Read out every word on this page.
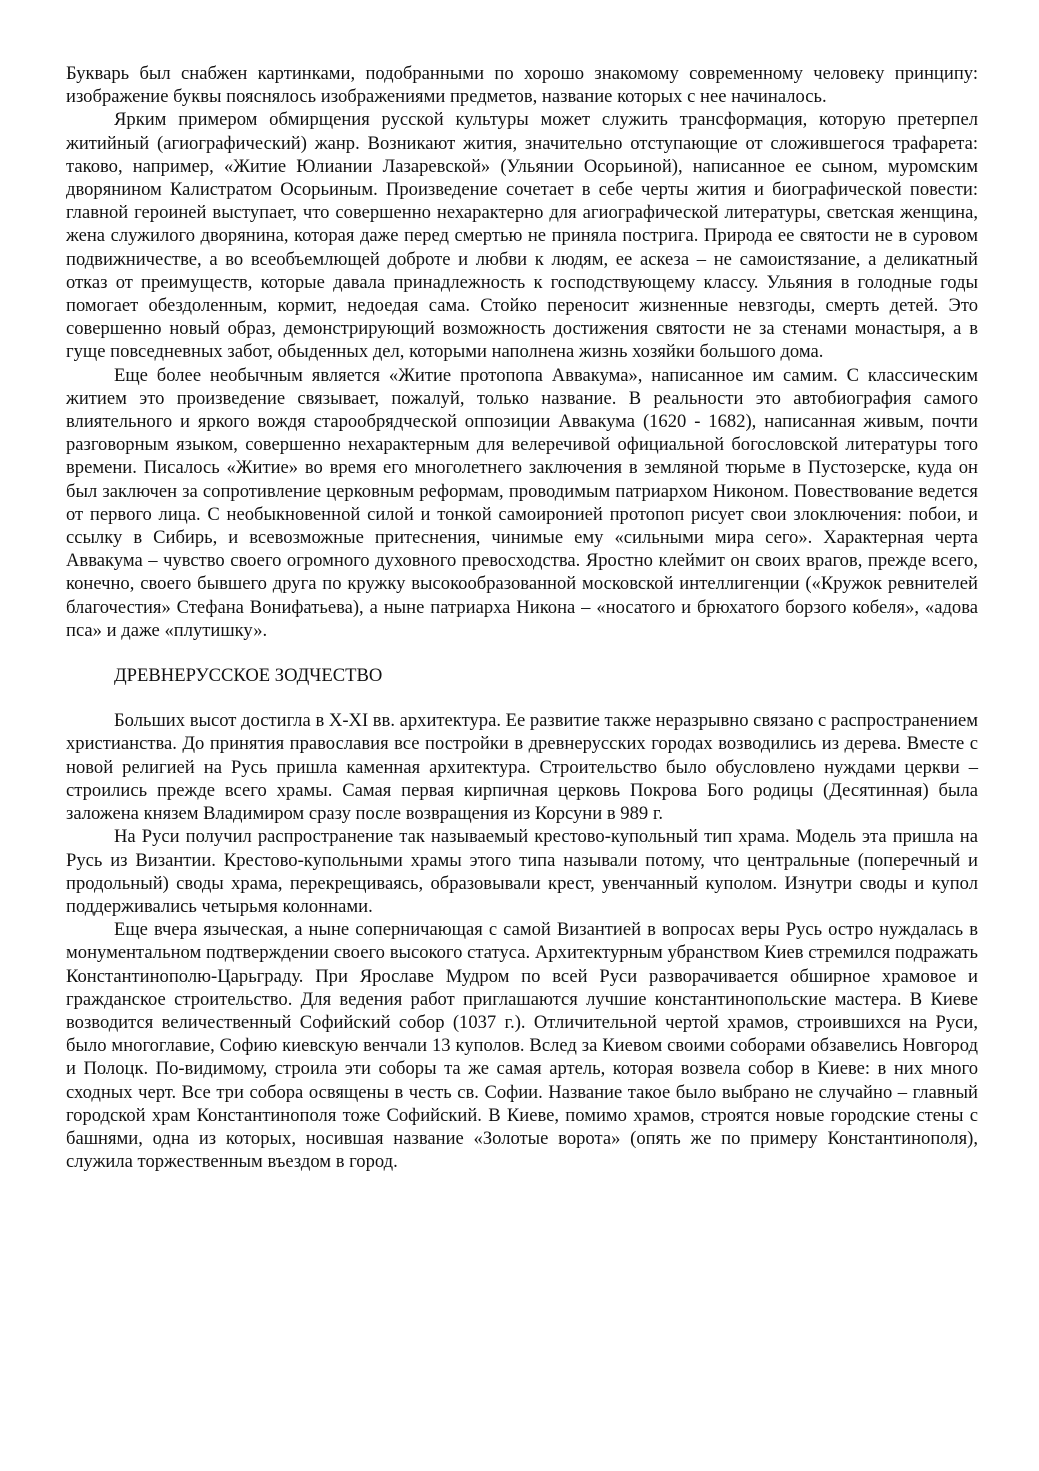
Букварь был снабжен картинками, подобранными по хорошо знакомому современному человеку принципу: изображение буквы пояснялось изображениями предметов, название которых с нее начиналось.

Ярким примером обмирщения русской культуры может служить трансформация, которую претерпел житийный (агиографический) жанр. Возникают жития, значительно отступающие от сложившегося трафарета: таково, например, «Житие Юлиании Лазаревской» (Ульянии Осорьиной), написанное ее сыном, муромским дворянином Калистратом Осорьиным. Произведение сочетает в себе черты жития и биографической повести: главной героиней выступает, что совершенно нехарактерно для агиографической литературы, светская женщина, жена служилого дворянина, которая даже перед смертью не приняла пострига. Природа ее святости не в суровом подвижничестве, а во всеобъемлющей доброте и любви к людям, ее аскеза – не самоистязание, а деликатный отказ от преимуществ, которые давала принадлежность к господствующему классу. Ульяния в голодные годы помогает обездоленным, кормит, недоедая сама. Стойко переносит жизненные невзгоды, смерть детей. Это совершенно новый образ, демонстрирующий возможность достижения святости не за стенами монастыря, а в гуще повседневных забот, обыденных дел, которыми наполнена жизнь хозяйки большого дома.

Еще более необычным является «Житие протопопа Аввакума», написанное им самим. С классическим житием это произведение связывает, пожалуй, только название. В реальности это автобиография самого влиятельного и яркого вождя старообрядческой оппозиции Аввакума (1620 - 1682), написанная живым, почти разговорным языком, совершенно нехарактерным для велеречивой официальной богословской литературы того времени. Писалось «Житие» во время его многолетнего заключения в земляной тюрьме в Пустозерске, куда он был заключен за сопротивление церковным реформам, проводимым патриархом Никоном. Повествование ведется от первого лица. С необыкновенной силой и тонкой самоиронией протопоп рисует свои злоключения: побои, и ссылку в Сибирь, и всевозможные притеснения, чинимые ему «сильными мира сего». Характерная черта Аввакума – чувство своего огромного духовного превосходства. Яростно клеймит он своих врагов, прежде всего, конечно, своего бывшего друга по кружку высокообразованной московской интеллигенции («Кружок ревнителей благочестия» Стефана Вонифатьева), а ныне патриарха Никона – «носатого и брюхатого борзого кобеля», «адова пса» и даже «плутишку».

ДРЕВНЕРУССКОЕ ЗОДЧЕСТВО

Больших высот достигла в X-XI вв. архитектура. Ее развитие также неразрывно связано с распространением христианства. До принятия православия все постройки в древнерусских городах возводились из дерева. Вместе с новой религией на Русь пришла каменная архитектура. Строительство было обусловлено нуждами церкви – строились прежде всего храмы. Самая первая кирпичная церковь Покрова Бого родицы (Десятинная) была заложена князем Владимиром сразу после возвращения из Корсуни в 989 г.

На Руси получил распространение так называемый крестово-купольный тип храма. Модель эта пришла на Русь из Византии. Крестово-купольными храмы этого типа называли потому, что центральные (поперечный и продольный) своды храма, перекрещиваясь, образовывали крест, увенчанный куполом. Изнутри своды и купол поддерживались четырьмя колоннами.

Еще вчера языческая, а ныне соперничающая с самой Византией в вопросах веры Русь остро нуждалась в монументальном подтверждении своего высокого статуса. Архитектурным убранством Киев стремился подражать Константинополю-Царьграду. При Ярославе Мудром по всей Руси разворачивается обширное храмовое и гражданское строительство. Для ведения работ приглашаются лучшие константинопольские мастера. В Киеве возводится величественный Софийский собор (1037 г.). Отличительной чертой храмов, строившихся на Руси, было многоглавие, Софию киевскую венчали 13 куполов. Вслед за Киевом своими соборами обзавелись Новгород и Полоцк. По-видимому, строила эти соборы та же самая артель, которая возвела собор в Киеве: в них много сходных черт. Все три собора освящены в честь св. Софии. Название такое было выбрано не случайно – главный городской храм Константинополя тоже Софийский. В Киеве, помимо храмов, строятся новые городские стены с башнями, одна из которых, носившая название «Золотые ворота» (опять же по примеру Константинополя), служила торжественным въездом в город.
